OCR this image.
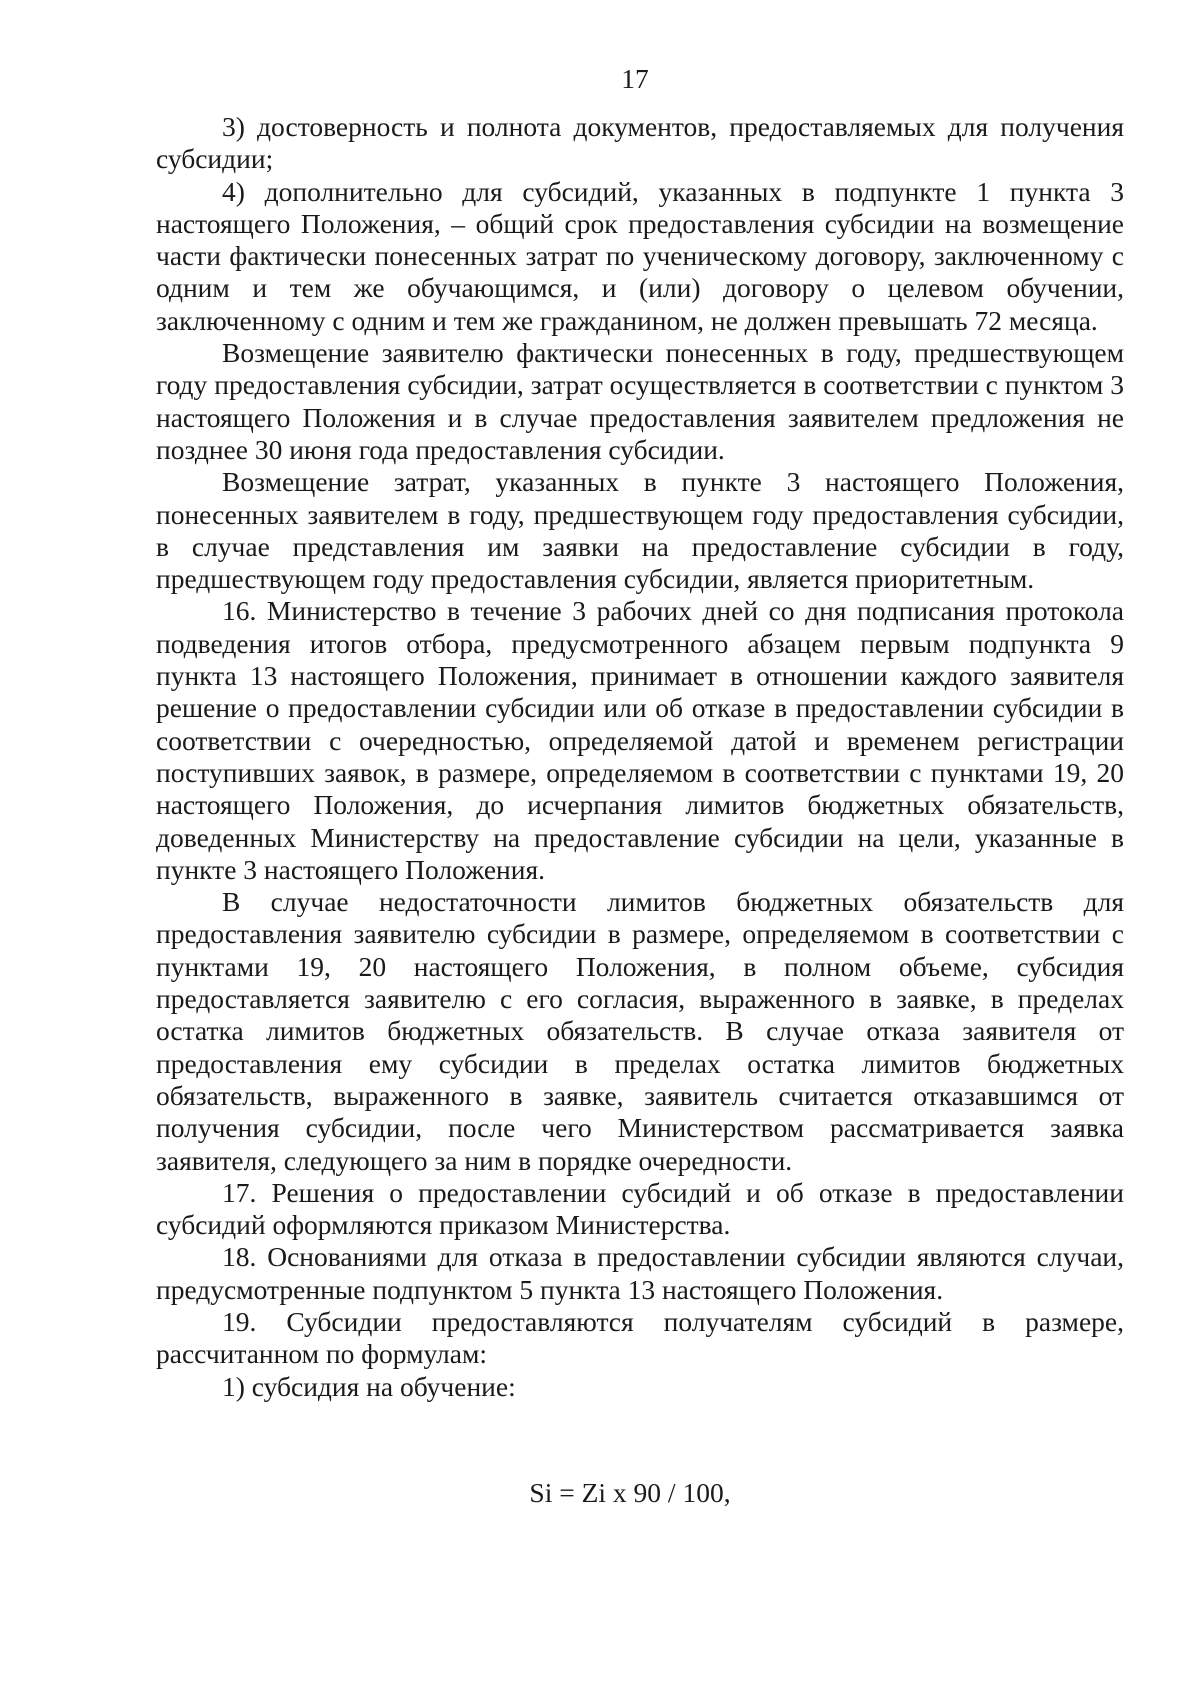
17

3) достоверность и полнота документов, предоставляемых для получения субсидии;

4) дополнительно для субсидий, указанных в подпункте 1 пункта 3 настоящего Положения, – общий срок предоставления субсидии на возмещение части фактически понесенных затрат по ученическому договору, заключенному с одним и тем же обучающимся, и (или) договору о целевом обучении, заключенному с одним и тем же гражданином, не должен превышать 72 месяца.

Возмещение заявителю фактически понесенных в году, предшествующем году предоставления субсидии, затрат осуществляется в соответствии с пунктом 3 настоящего Положения и в случае предоставления заявителем предложения не позднее 30 июня года предоставления субсидии.

Возмещение затрат, указанных в пункте 3 настоящего Положения, понесенных заявителем в году, предшествующем году предоставления субсидии, в случае представления им заявки на предоставление субсидии в году, предшествующем году предоставления субсидии, является приоритетным.

16. Министерство в течение 3 рабочих дней со дня подписания протокола подведения итогов отбора, предусмотренного абзацем первым подпункта 9 пункта 13 настоящего Положения, принимает в отношении каждого заявителя решение о предоставлении субсидии или об отказе в предоставлении субсидии в соответствии с очередностью, определяемой датой и временем регистрации поступивших заявок, в размере, определяемом в соответствии с пунктами 19, 20 настоящего Положения, до исчерпания лимитов бюджетных обязательств, доведенных Министерству на предоставление субсидии на цели, указанные в пункте 3 настоящего Положения.

В случае недостаточности лимитов бюджетных обязательств для предоставления заявителю субсидии в размере, определяемом в соответствии с пунктами 19, 20 настоящего Положения, в полном объеме, субсидия предоставляется заявителю с его согласия, выраженного в заявке, в пределах остатка лимитов бюджетных обязательств. В случае отказа заявителя от предоставления ему субсидии в пределах остатка лимитов бюджетных обязательств, выраженного в заявке, заявитель считается отказавшимся от получения субсидии, после чего Министерством рассматривается заявка заявителя, следующего за ним в порядке очередности.

17. Решения о предоставлении субсидий и об отказе в предоставлении субсидий оформляются приказом Министерства.

18. Основаниями для отказа в предоставлении субсидии являются случаи, предусмотренные подпунктом 5 пункта 13 настоящего Положения.

19. Субсидии предоставляются получателям субсидий в размере, рассчитанном по формулам:

1) субсидия на обучение:

Si = Zi x 90 / 100,
